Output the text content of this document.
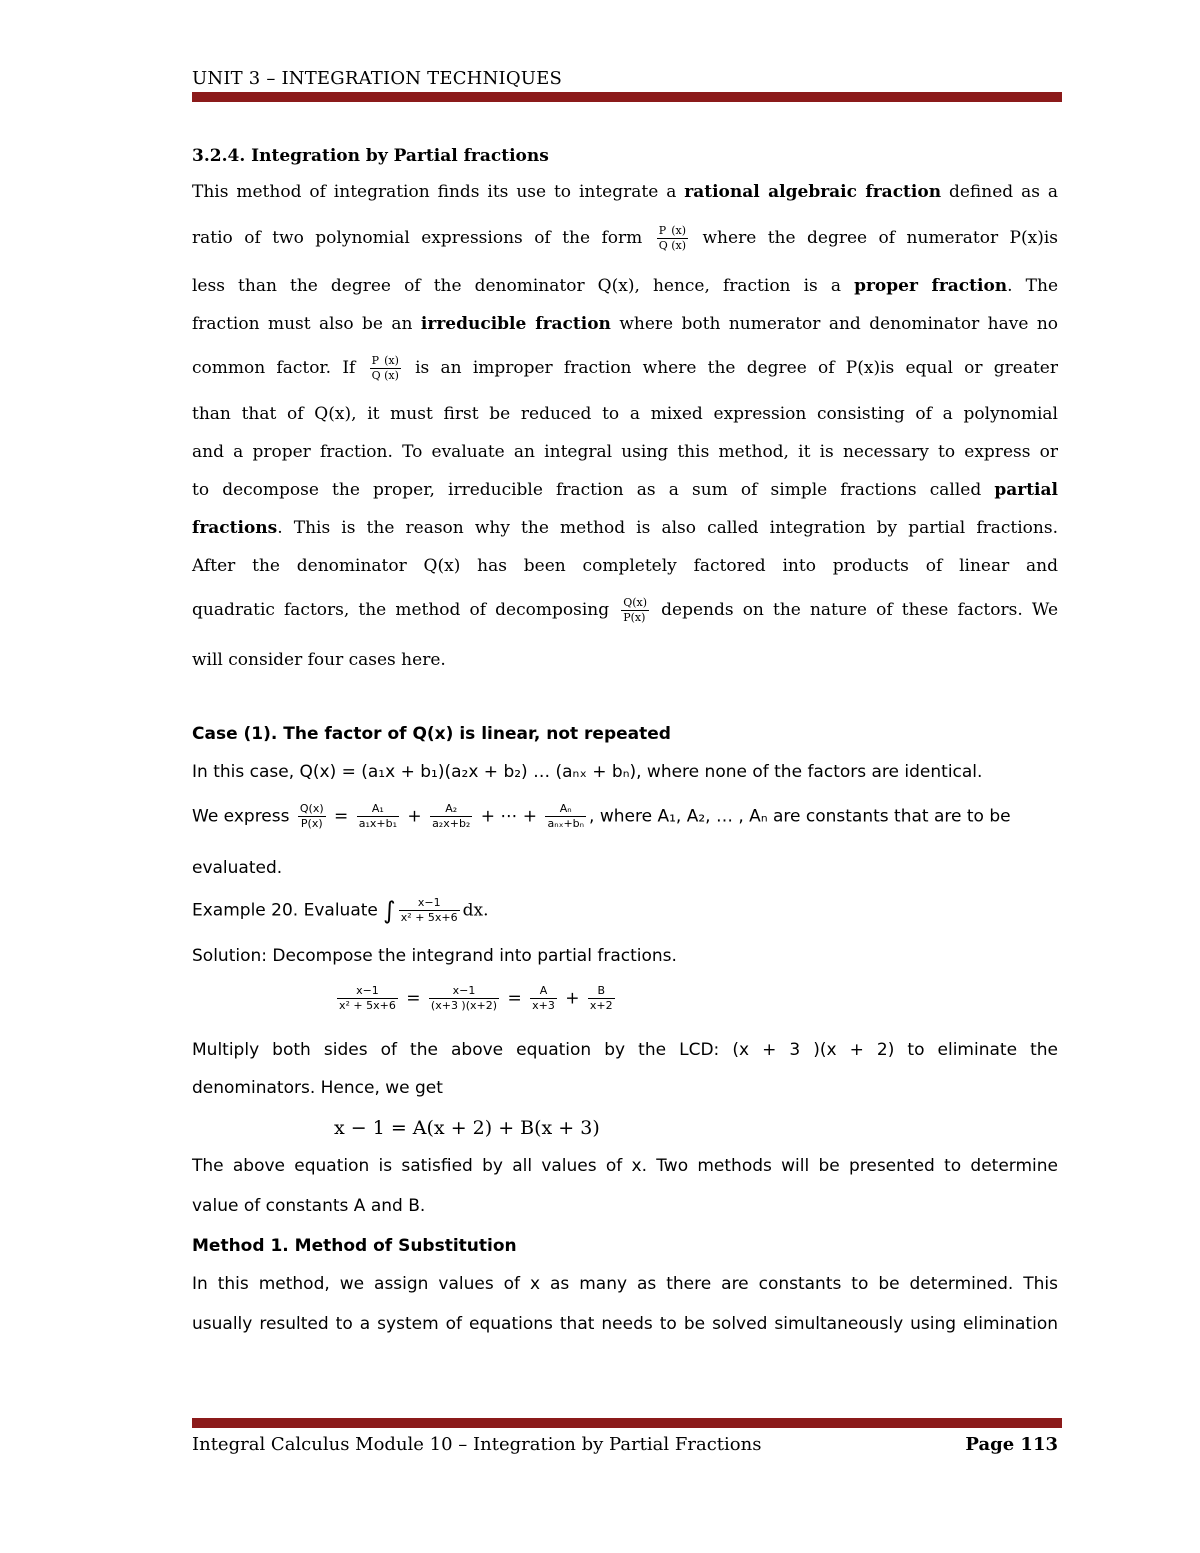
UNIT 3 – INTEGRATION TECHNIQUES
3.2.4. Integration by Partial fractions
This method of integration finds its use to integrate a rational algebraic fraction defined as a
ratio of two polynomial expressions of the form $\frac{P (x)}{Q (x)}$ where the degree of numerator P(x)is
less than the degree of the denominator Q(x), hence, fraction is a proper fraction. The
fraction must also be an irreducible fraction where both numerator and denominator have no
common factor. If $\frac{P (x)}{Q (x)}$ is an improper fraction where the degree of P(x)is equal or greater
than that of Q(x), it must first be reduced to a mixed expression consisting of a polynomial
and a proper fraction. To evaluate an integral using this method, it is necessary to express or
to decompose the proper, irreducible fraction as a sum of simple fractions called partial
fractions. This is the reason why the method is also called integration by partial fractions.
After the denominator Q(x) has been completely factored into products of linear and
quadratic factors, the method of decomposing $\frac{Q(x)}{P(x)}$ depends on the nature of these factors. We
will consider four cases here.
Case (1). The factor of Q(x) is linear, not repeated
In this case, Q(x) = (a₁x + b₁)(a₂x + b₂) … (aₙₓ + bₙ), where none of the factors are identical.
We express $\frac{Q(x)}{P(x)} = \frac{\text{A₁}}{\text{a₁x+b₁}} + \frac{\text{A₂}}{\text{a₂x+b₂}}$ + ⋯ + $\frac{\text{Aₙ}}{\text{aₙₓ+bₙ}}$ , where A₁, A₂, … , Aₙ are constants that are to be
evaluated.
Example 20. Evaluate ∫ $\frac{x-1}{\text{x² + 5x+6}}$ dx.
Solution: Decompose the integrand into partial fractions.
$\frac{x-1}{\text{x² + 5x+6}} = \frac{x-1}{(x+3 )(x+2)} = \frac{A}{x+3} + \frac{B}{x+2}$
Multiply both sides of the above equation by the LCD: (x + 3 )(x + 2) to eliminate the
denominators. Hence, we get
x − 1 = A(x + 2) + B(x + 3)
The above equation is satisfied by all values of x. Two methods will be presented to determine
value of constants A and B.
Method 1. Method of Substitution
In this method, we assign values of x as many as there are constants to be determined. This
usually resulted to a system of equations that needs to be solved simultaneously using elimination
Integral Calculus Module 10 – Integration by Partial Fractions	Page 113
